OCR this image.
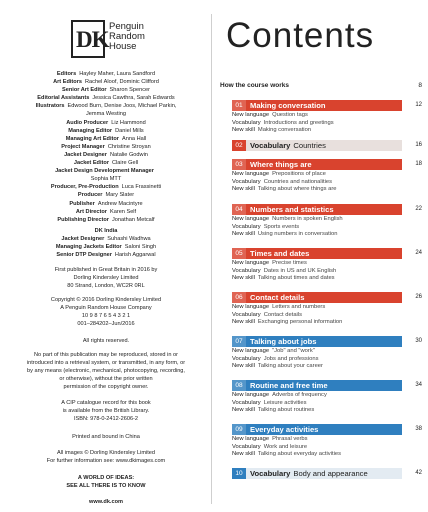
DK
Penguin
Random
House
Editors Hayley Maher, Laura Sandford
Art Editors Rachel Aloof, Dominic Clifford
Senior Art Editor Sharon Spencer
Editorial Assistants Jessica Cawthra, Sarah Edwards
Illustrators Edwood Burn, Denise Joos, Michael Parkin,
Jemma Westing
Audio Producer Liz Hammond
Managing Editor Daniel Mills
Managing Art Editor Anna Hall
Project Manager Christine Stroyan
Jacket Designer Natalie Godwin
Jacket Editor Claire Gell
Jacket Design Development Manager
Sophia MTT
Producer, Pre-Production Luca Frassinetti
Producer Mary Slater
Publisher Andrew Macintyre
Art Director Karen Self
Publishing Director Jonathan Metcalf

DK India

Jacket Designer Suhashi Wadhwa
Managing Jackets Editor Saloni Singh
Senior DTP Designer Harish Aggarwal

First published in Great Britain in 2016 by

Dorling Kindersley Limited

80 Strand, London, WC2R 0RL

Copyright © 2016 Dorling Kindersley Limited

A Penguin Random House Company

10 9 8 7 6 5 4 3 2 1

001–284202–Jun/2016

All rights reserved.

No part of this publication may be reproduced, stored in or

introduced into a retrieval system, or transmitted, in any form, or

by any means (electronic, mechanical, photocopying, recording,

or otherwise), without the prior written

permission of the copyright owner.

A CIP catalogue record for this book

is available from the British Library.

ISBN: 978-0-2412-2606-2

Printed and bound in China

All images © Dorling Kindersley Limited

For further information see: www.dkimages.com

A WORLD OF IDEAS:

SEE ALL THERE IS TO KNOW

www.dk.com

Contents
How the course works	8
01 Making conversation	12

New language Question tags

Vocabulary Introductions and greetings

New skill Making conversation

02 Vocabulary Countries	16
03 Where things are	18

New language Prepositions of place

Vocabulary Countries and nationalities

New skill Talking about where things are

04 Numbers and statistics	22

New language Numbers in spoken English

Vocabulary Sports events

New skill Using numbers in conversation

05 Times and dates	24

New language Precise times

Vocabulary Dates in US and UK English

New skill Talking about times and dates

06 Contact details	26

New language Letters and numbers

Vocabulary Contact details

New skill Exchanging personal information

07 Talking about jobs	30

New language "Job" and "work"

Vocabulary Jobs and professions

New skill Talking about your career

08 Routine and free time	34

New language Adverbs of frequency

Vocabulary Leisure activities

New skill Talking about routines

09 Everyday activities	38

New language Phrasal verbs

Vocabulary Work and leisure

New skill Talking about everyday activities

10 Vocabulary Body and appearance	42
